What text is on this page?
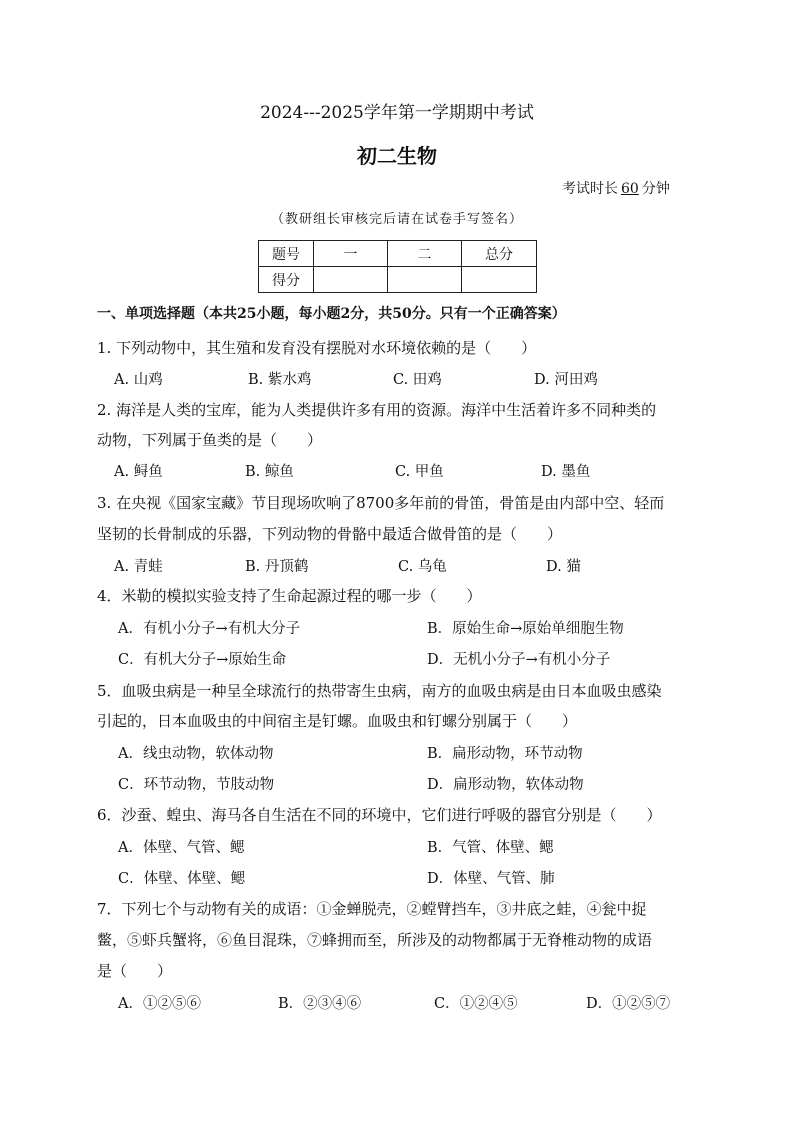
2024---2025学年第一学期期中考试
初二生物
考试时长 60 分钟
（教研组长审核完后请在试卷手写签名）
题号	一	二	总分
得分			
一、单项选择题（本共25小题，每小题2分，共50分。只有一个正确答案）
1. 下列动物中，其生殖和发育没有摆脱对水环境依赖的是（　　）
A. 山鸡	B. 紫水鸡	C. 田鸡	D. 河田鸡
2. 海洋是人类的宝库，能为人类提供许多有用的资源。海洋中生活着许多不同种类的
动物，下列属于鱼类的是（　　）
A. 鲟鱼	B. 鲸鱼	C. 甲鱼	D. 墨鱼
3. 在央视《国家宝藏》节目现场吹响了8700多年前的骨笛，骨笛是由内部中空、轻而
坚韧的长骨制成的乐器，下列动物的骨骼中最适合做骨笛的是（　　）
A. 青蛙	B. 丹顶鹤	C. 乌龟	D. 猫
4．米勒的模拟实验支持了生命起源过程的哪一步（　　）
A．有机小分子→有机大分子	B．原始生命→原始单细胞生物
C．有机大分子→原始生命	D．无机小分子→有机小分子
5．血吸虫病是一种呈全球流行的热带寄生虫病，南方的血吸虫病是由日本血吸虫感染
引起的，日本血吸虫的中间宿主是钉螺。血吸虫和钉螺分别属于（　　）
A．线虫动物，软体动物	B．扁形动物，环节动物
C．环节动物，节肢动物	D．扁形动物，软体动物
6．沙蚕、蝗虫、海马各自生活在不同的环境中，它们进行呼吸的器官分别是（　　）
A．体壁、气管、鳃	B．气管、体壁、鳃
C．体壁、体壁、鳃	D．体壁、气管、肺
7．下列七个与动物有关的成语：①金蝉脱壳，②螳臂挡车，③井底之蛙，④瓮中捉
鳖，⑤虾兵蟹将，⑥鱼目混珠，⑦蜂拥而至，所涉及的动物都属于无脊椎动物的成语
是（　　）
A．①②⑤⑥	B．②③④⑥	C．①②④⑤	D．①②⑤⑦
